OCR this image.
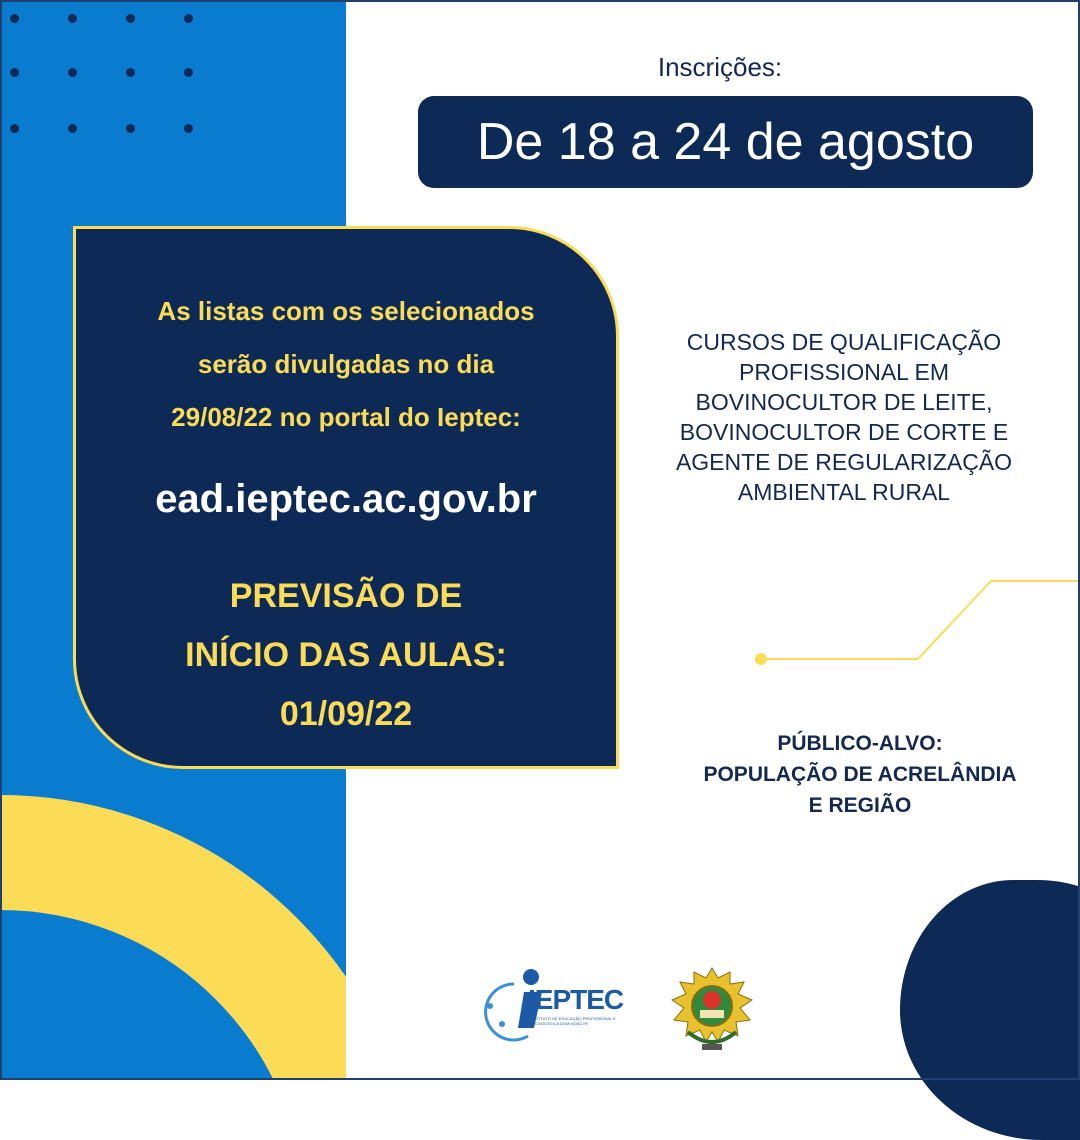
Inscrições:
De 18 a 24 de agosto
As listas com os selecionados
serão divulgadas no dia
29/08/22 no portal do Ieptec:
ead.ieptec.ac.gov.br
PREVISÃO DE
INÍCIO DAS AULAS:
01/09/22
CURSOS DE QUALIFICAÇÃO
PROFISSIONAL EM
BOVINOCULTOR DE LEITE,
BOVINOCULTOR DE CORTE E
AGENTE DE REGULARIZAÇÃO
AMBIENTAL RURAL
PÚBLICO-ALVO:
POPULAÇÃO DE ACRELÂNDIA
E REGIÃO
IEPTEC
INSTITUTO DE EDUCAÇÃO PROFISSIONAL E TECNOLÓGICA DOM MOACYR
